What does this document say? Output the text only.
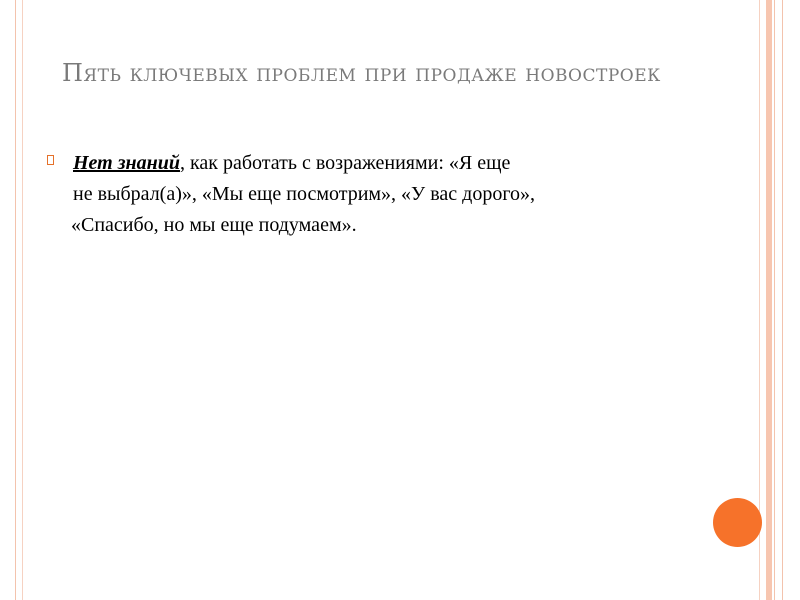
Пять ключевых проблем при продаже новостроек
Нет знаний, как работать с возражениями: «Я еще
не выбрал(а)», «Мы еще посмотрим», «У вас дорого»,
«Спасибо, но мы еще подумаем».
